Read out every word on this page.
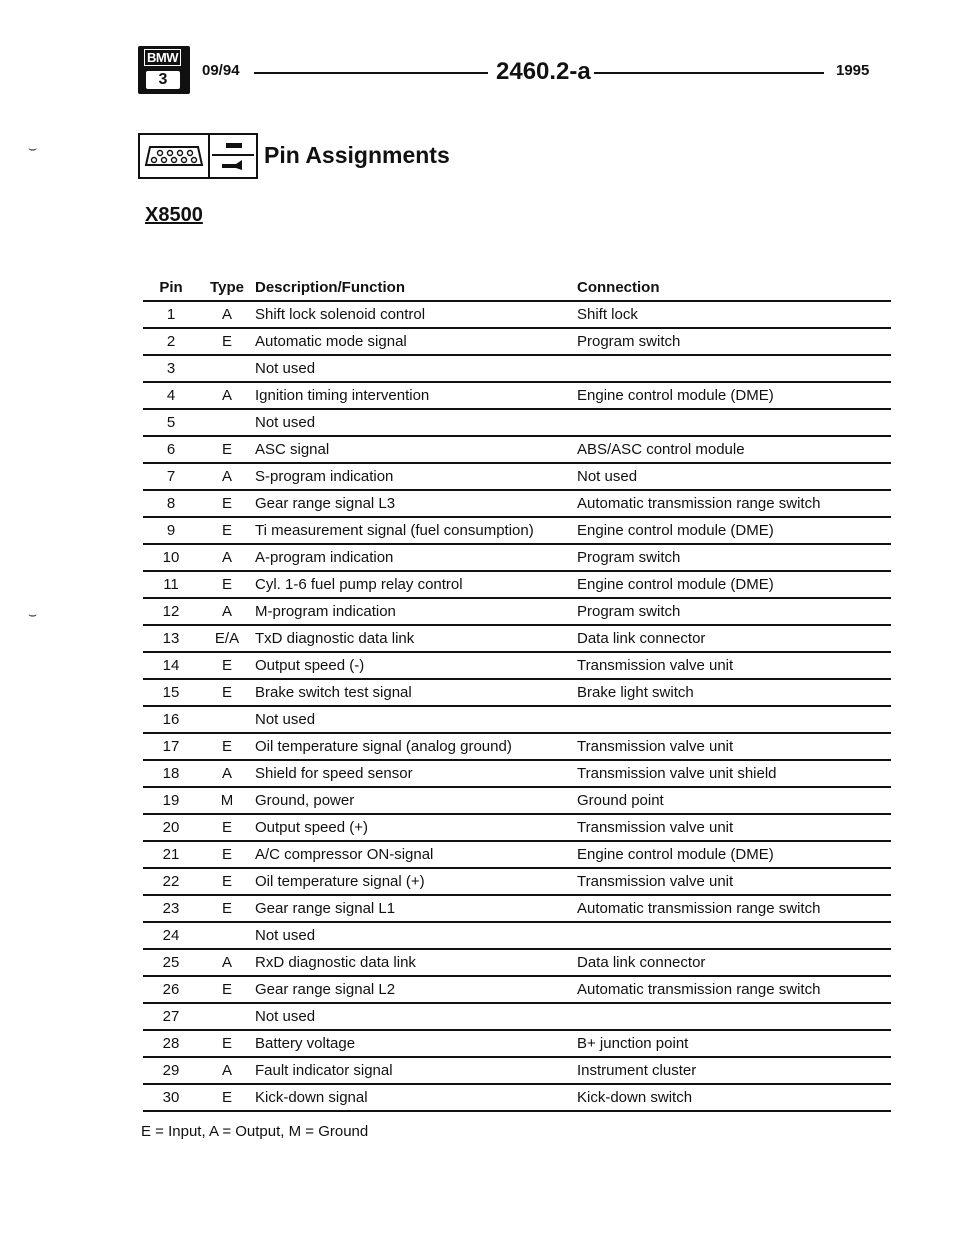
BMW
3
09/94	2460.2-a	1995
Pin Assignments
X8500
Pin	Type	Description/Function	Connection
1	A	Shift lock solenoid control	Shift lock
2	E	Automatic mode signal	Program switch
3		Not used	
4	A	Ignition timing intervention	Engine control module (DME)
5		Not used	
6	E	ASC signal	ABS/ASC control module
7	A	S-program indication	Not used
8	E	Gear range signal L3	Automatic transmission range switch
9	E	Ti measurement signal (fuel consumption)	Engine control module (DME)
10	A	A-program indication	Program switch
11	E	Cyl. 1-6 fuel pump relay control	Engine control module (DME)
12	A	M-program indication	Program switch
13	E/A	TxD diagnostic data link	Data link connector
14	E	Output speed (-)	Transmission valve unit
15	E	Brake switch test signal	Brake light switch
16		Not used	
17	E	Oil temperature signal (analog ground)	Transmission valve unit
18	A	Shield for speed sensor	Transmission valve unit shield
19	M	Ground, power	Ground point
20	E	Output speed (+)	Transmission valve unit
21	E	A/C compressor ON-signal	Engine control module (DME)
22	E	Oil temperature signal (+)	Transmission valve unit
23	E	Gear range signal L1	Automatic transmission range switch
24		Not used	
25	A	RxD diagnostic data link	Data link connector
26	E	Gear range signal L2	Automatic transmission range switch
27		Not used	
28	E	Battery voltage	B+ junction point
29	A	Fault indicator signal	Instrument cluster
30	E	Kick-down signal	Kick-down switch
E = Input, A = Output, M = Ground
⌣
⌣
